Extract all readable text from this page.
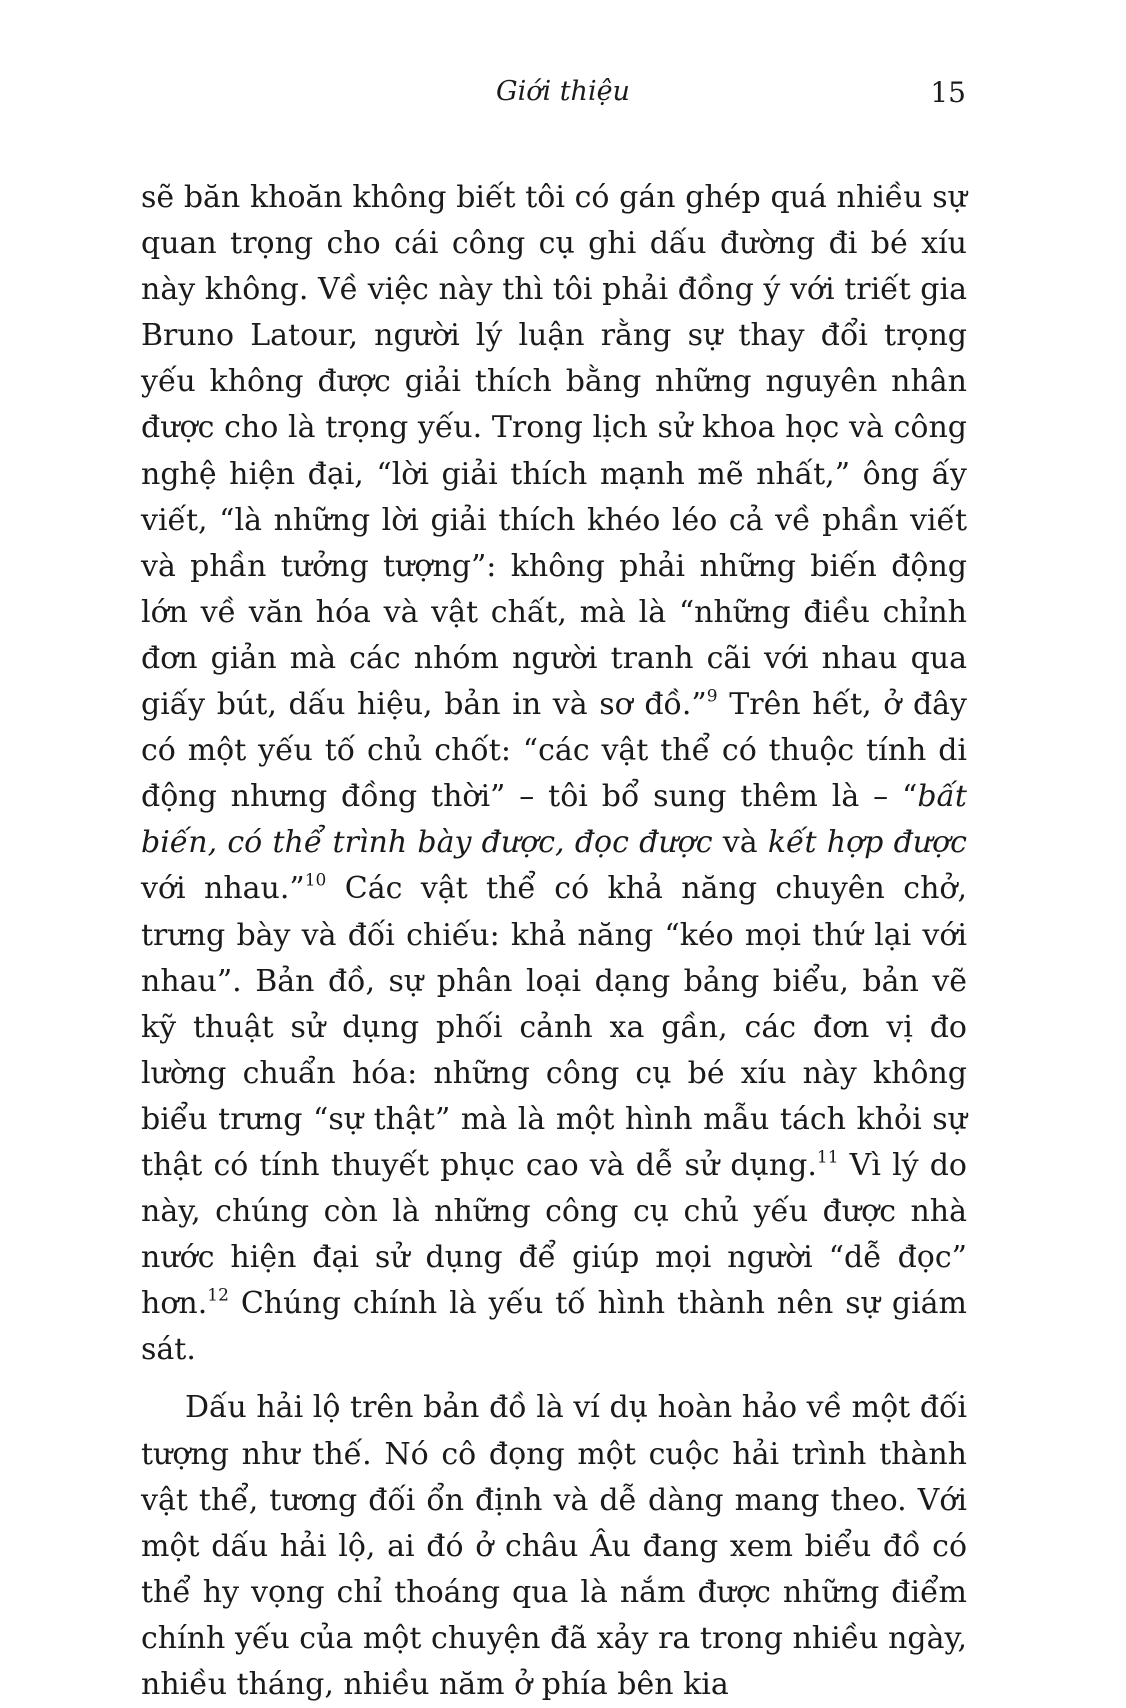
Giới thiệu	15

sẽ băn khoăn không biết tôi có gán ghép quá nhiều sự quan trọng cho cái công cụ ghi dấu đường đi bé xíu này không. Về việc này thì tôi phải đồng ý với triết gia Bruno Latour, người lý luận rằng sự thay đổi trọng yếu không được giải thích bằng những nguyên nhân được cho là trọng yếu. Trong lịch sử khoa học và công nghệ hiện đại, “lời giải thích mạnh mẽ nhất,” ông ấy viết, “là những lời giải thích khéo léo cả về phần viết và phần tưởng tượng”: không phải những biến động lớn về văn hóa và vật chất, mà là “những điều chỉnh đơn giản mà các nhóm người tranh cãi với nhau qua giấy bút, dấu hiệu, bản in và sơ đồ.”$^9$ Trên hết, ở đây có một yếu tố chủ chốt: “các vật thể có thuộc tính di động nhưng đồng thời” – tôi bổ sung thêm là – “bất biến, có thể trình bày được, đọc được và kết hợp được với nhau.”$^{10}$ Các vật thể có khả năng chuyên chở, trưng bày và đối chiếu: khả năng “kéo mọi thứ lại với nhau”. Bản đồ, sự phân loại dạng bảng biểu, bản vẽ kỹ thuật sử dụng phối cảnh xa gần, các đơn vị đo lường chuẩn hóa: những công cụ bé xíu này không biểu trưng “sự thật” mà là một hình mẫu tách khỏi sự thật có tính thuyết phục cao và dễ sử dụng.$^{11}$ Vì lý do này, chúng còn là những công cụ chủ yếu được nhà nước hiện đại sử dụng để giúp mọi người “dễ đọc” hơn.$^{12}$ Chúng chính là yếu tố hình thành nên sự giám sát.

Dấu hải lộ trên bản đồ là ví dụ hoàn hảo về một đối tượng như thế. Nó cô đọng một cuộc hải trình thành vật thể, tương đối ổn định và dễ dàng mang theo. Với một dấu hải lộ, ai đó ở châu Âu đang xem biểu đồ có thể hy vọng chỉ thoáng qua là nắm được những điểm chính yếu của một chuyện đã xảy ra trong nhiều ngày, nhiều tháng, nhiều năm ở phía bên kia
